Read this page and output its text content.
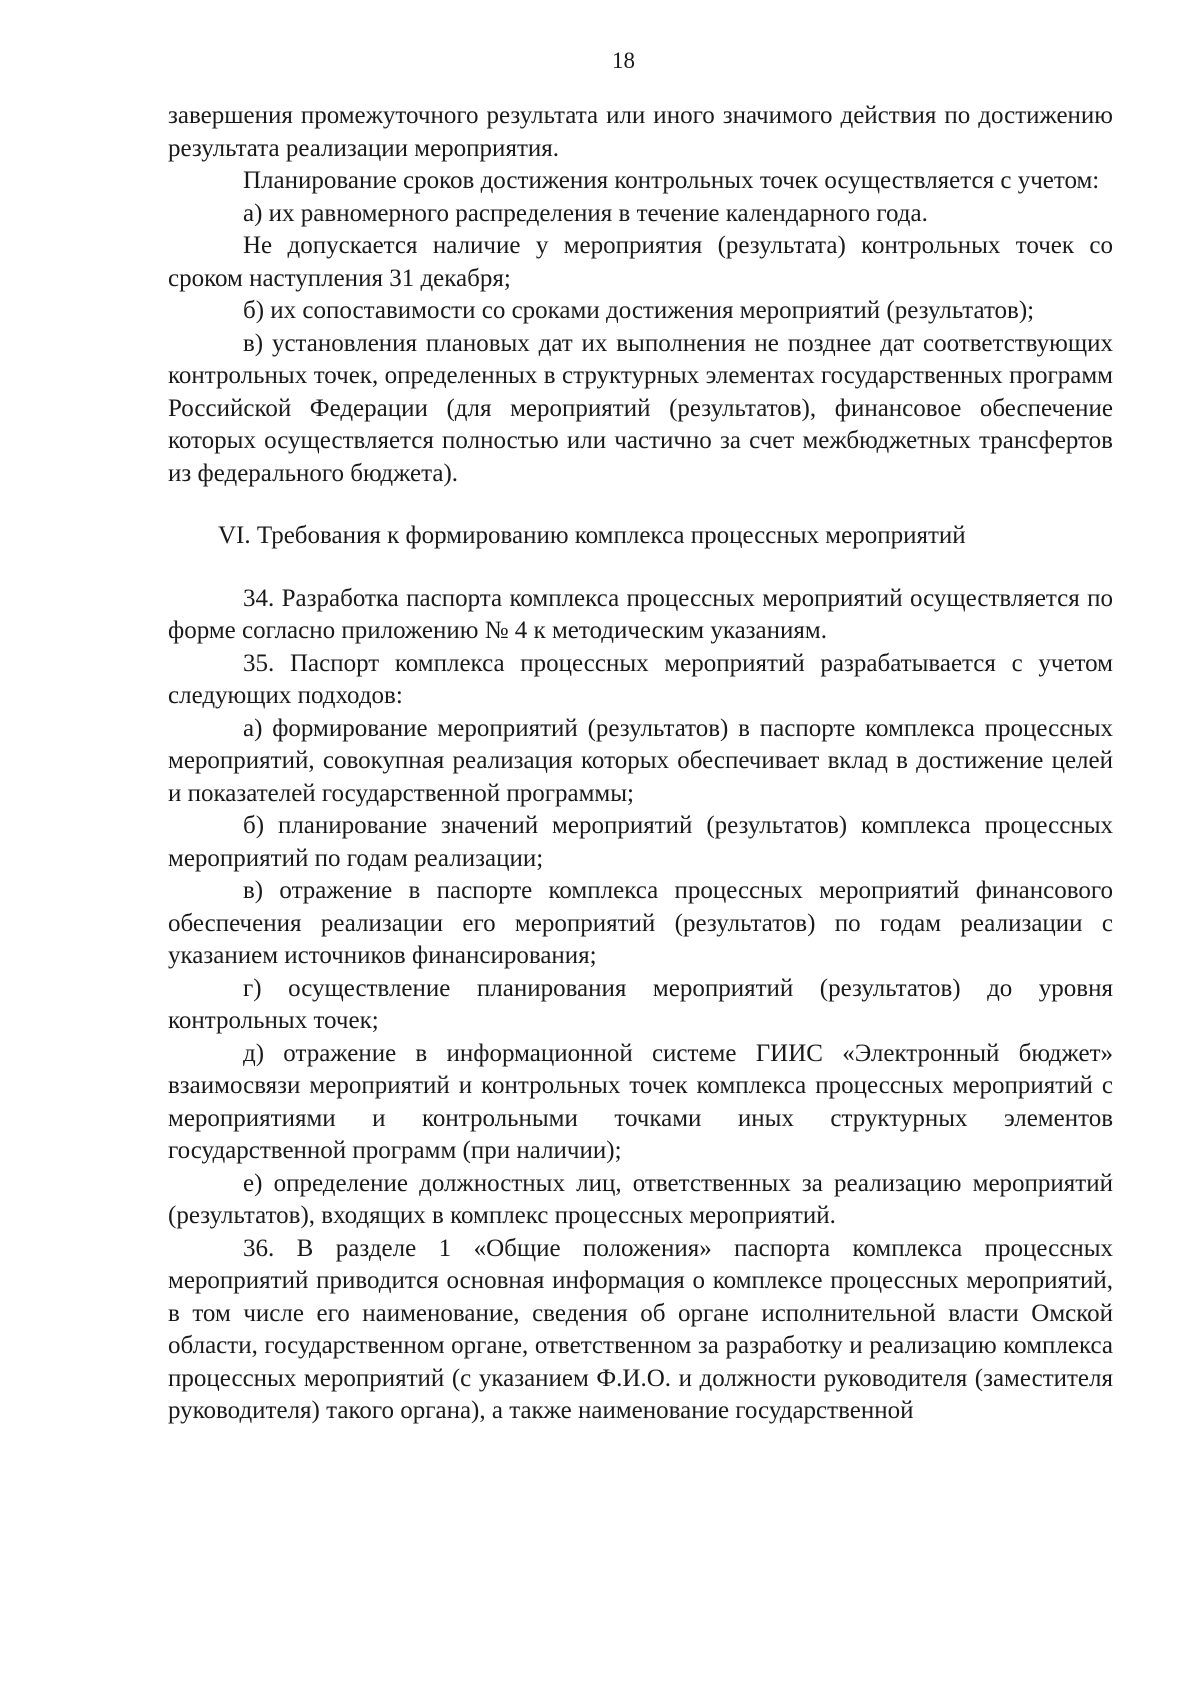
18

завершения промежуточного результата или иного значимого действия по достижению результата реализации мероприятия.

Планирование сроков достижения контрольных точек осуществляется с учетом:

а) их равномерного распределения в течение календарного года.

Не допускается наличие у мероприятия (результата) контрольных точек со сроком наступления 31 декабря;

б) их сопоставимости со сроками достижения мероприятий (результатов);

в) установления плановых дат их выполнения не позднее дат соответствующих контрольных точек, определенных в структурных элементах государственных программ Российской Федерации (для мероприятий (результатов), финансовое обеспечение которых осуществляется полностью или частично за счет межбюджетных трансфертов из федерального бюджета).

VI. Требования к формированию комплекса процессных мероприятий

34. Разработка паспорта комплекса процессных мероприятий осуществляется по форме согласно приложению № 4 к методическим указаниям.

35. Паспорт комплекса процессных мероприятий разрабатывается с учетом следующих подходов:

а) формирование мероприятий (результатов) в паспорте комплекса процессных мероприятий, совокупная реализация которых обеспечивает вклад в достижение целей и показателей государственной программы;

б) планирование значений мероприятий (результатов) комплекса процессных мероприятий по годам реализации;

в) отражение в паспорте комплекса процессных мероприятий финансового обеспечения реализации его мероприятий (результатов) по годам реализации с указанием источников финансирования;

г) осуществление планирования мероприятий (результатов) до уровня контрольных точек;

д) отражение в информационной системе ГИИС «Электронный бюджет» взаимосвязи мероприятий и контрольных точек комплекса процессных мероприятий с мероприятиями и контрольными точками иных структурных элементов государственной программ (при наличии);

е) определение должностных лиц, ответственных за реализацию мероприятий (результатов), входящих в комплекс процессных мероприятий.

36. В разделе 1 «Общие положения» паспорта комплекса процессных мероприятий приводится основная информация о комплексе процессных мероприятий, в том числе его наименование, сведения об органе исполнительной власти Омской области, государственном органе, ответственном за разработку и реализацию комплекса процессных мероприятий (с указанием Ф.И.О. и должности руководителя (заместителя руководителя) такого органа), а также наименование государственной
